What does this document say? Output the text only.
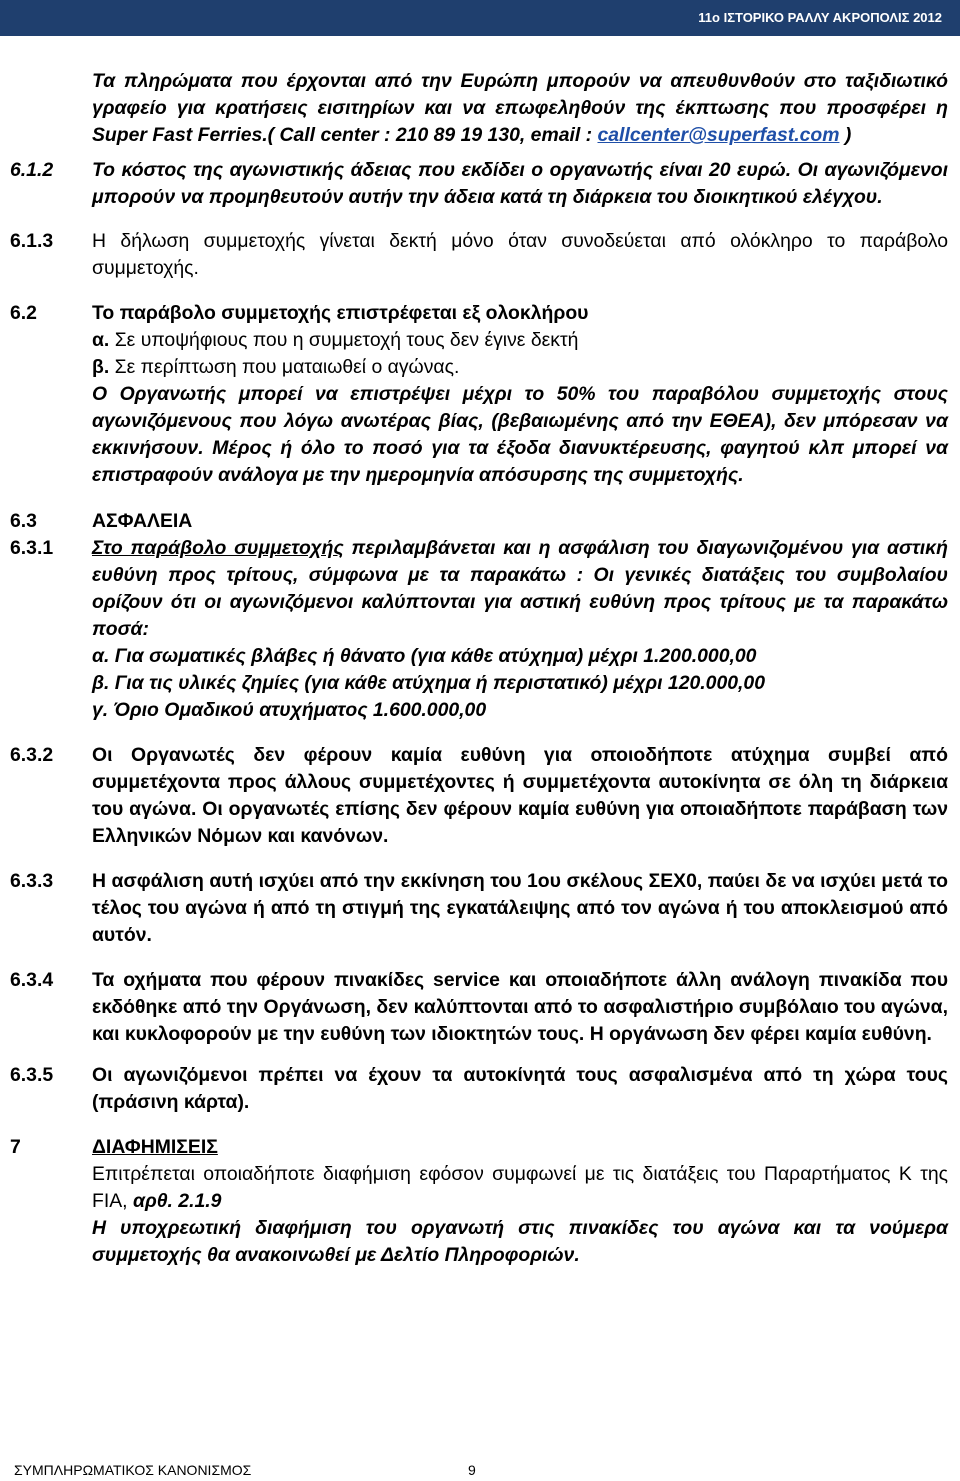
11ο ΙΣΤΟΡΙΚΟ ΡΑΛΛΥ ΑΚΡΟΠΟΛΙΣ 2012
Τα πληρώματα που έρχονται από την Ευρώπη μπορούν να απευθυνθούν στο ταξιδιωτικό γραφείο για κρατήσεις εισιτηρίων και να επωφεληθούν της έκπτωσης που προσφέρει η Super Fast Ferries.( Call center : 210 89 19 130, email : callcenter@superfast.com )
6.1.2 Το κόστος της αγωνιστικής άδειας που εκδίδει ο οργανωτής είναι 20 ευρώ. Οι αγωνιζόμενοι μπορούν να προμηθευτούν αυτήν την άδεια κατά τη διάρκεια του διοικητικού ελέγχου.
6.1.3 Η δήλωση συμμετοχής γίνεται δεκτή μόνο όταν συνοδεύεται από ολόκληρο το παράβολο συμμετοχής.
6.2	Το παράβολο συμμετοχής επιστρέφεται εξ ολοκλήρου
α. Σε υποψήφιους που η συμμετοχή τους δεν έγινε δεκτή
β. Σε περίπτωση που ματαιωθεί ο αγώνας.
Ο Οργανωτής μπορεί να επιστρέψει μέχρι το 50% του παραβόλου συμμετοχής στους αγωνιζόμενους που λόγω ανωτέρας βίας, (βεβαιωμένης από την ΕΘΕΑ), δεν μπόρεσαν να εκκινήσουν. Μέρος ή όλο το ποσό για τα έξοδα διανυκτέρευσης, φαγητού κλπ μπορεί να επιστραφούν ανάλογα με την ημερομηνία απόσυρσης της συμμετοχής.
6.3	ΑΣΦΑΛΕΙΑ
6.3.1 Στο παράβολο συμμετοχής περιλαμβάνεται και η ασφάλιση του διαγωνιζομένου για αστική ευθύνη προς τρίτους, σύμφωνα με τα παρακάτω : Οι γενικές διατάξεις του συμβολαίου ορίζουν ότι οι αγωνιζόμενοι καλύπτονται για αστική ευθύνη προς τρίτους με τα παρακάτω ποσά:
α. Για σωματικές βλάβες ή θάνατο (για κάθε ατύχημα) μέχρι 1.200.000,00
β. Για τις υλικές ζημίες (για κάθε ατύχημα ή περιστατικό) μέχρι 120.000,00
γ. Όριο Ομαδικού ατυχήματος 1.600.000,00
6.3.2 Οι Οργανωτές δεν φέρουν καμία ευθύνη για οποιοδήποτε ατύχημα συμβεί από συμμετέχοντα προς άλλους συμμετέχοντες ή συμμετέχοντα αυτοκίνητα σε όλη τη διάρκεια του αγώνα. Οι οργανωτές επίσης δεν φέρουν καμία ευθύνη για οποιαδήποτε παράβαση των Ελληνικών Νόμων και κανόνων.
6.3.3 Η ασφάλιση αυτή ισχύει από την εκκίνηση του 1ου σκέλους ΣΕΧ0, παύει δε να ισχύει μετά το τέλος του αγώνα ή από τη στιγμή της εγκατάλειψης από τον αγώνα ή του αποκλεισμού από αυτόν.
6.3.4 Τα οχήματα που φέρουν πινακίδες service και οποιαδήποτε άλλη ανάλογη πινακίδα που εκδόθηκε από την Οργάνωση, δεν καλύπτονται από το ασφαλιστήριο συμβόλαιο του αγώνα, και κυκλοφορούν με την ευθύνη των ιδιοκτητών τους. Η οργάνωση δεν φέρει καμία ευθύνη.
6.3.5 Οι αγωνιζόμενοι πρέπει να έχουν τα αυτοκίνητά τους ασφαλισμένα από τη χώρα τους (πράσινη κάρτα).
7	ΔΙΑΦΗΜΙΣΕΙΣ
Επιτρέπεται οποιαδήποτε διαφήμιση εφόσον συμφωνεί με τις διατάξεις του Παραρτήματος Κ της FIA, αρθ. 2.1.9
Η υποχρεωτική διαφήμιση του οργανωτή στις πινακίδες του αγώνα και τα νούμερα συμμετοχής θα ανακοινωθεί με Δελτίο Πληροφοριών.
ΣΥΜΠΛΗΡΩΜΑΤΙΚΟΣ ΚΑΝΟΝΙΣΜΟΣ	9
